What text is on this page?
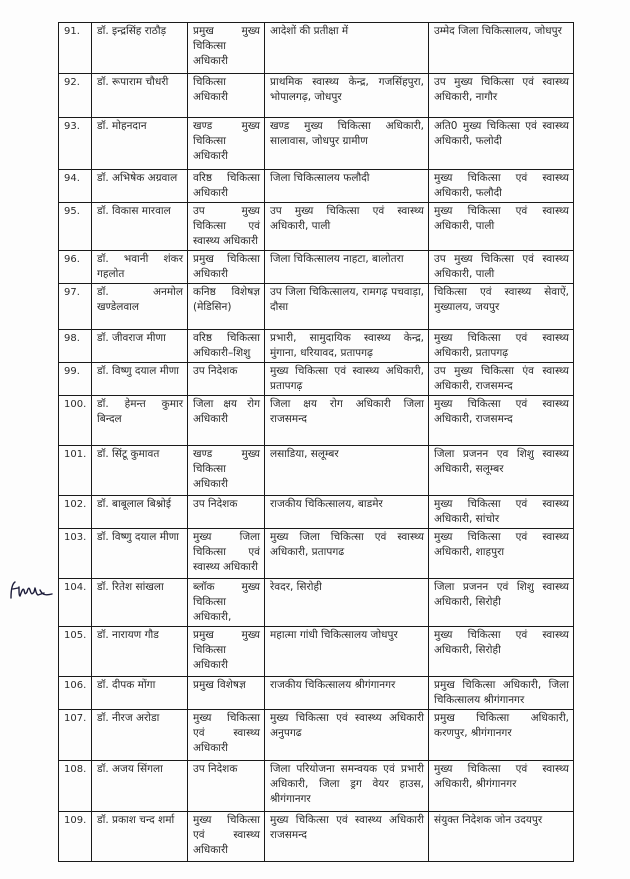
91.	डॉ. इन्द्रसिंह राठौड़	प्रमुख मुख्य चिकित्सा अधिकारी	आदेशों की प्रतीक्षा में	उम्मेद जिला चिकित्सालय, जोधपुर
92.	डॉ. रूपाराम चौधरी	चिकित्सा अधिकारी	प्राथमिक स्वास्थ्य केन्द्र, गजसिंहपुरा, भोपालगढ़, जोधपुर	उप मुख्य चिकित्सा एवं स्वास्थ्य अधिकारी, नागौर
93.	डॉ. मोहनदान	खण्ड मुख्य चिकित्सा अधिकारी	खण्ड मुख्य चिकित्सा अधिकारी, सालावास, जोधपुर ग्रामीण	अति0 मुख्य चिकित्सा एवं स्वास्थ्य अधिकारी, फलोदी
94.	डॉ. अभिषेक अग्रवाल	वरिष्ठ चिकित्सा अधिकारी	जिला चिकित्सालय फलौदी	मुख्य चिकित्सा एवं स्वास्थ्य अधिकारी, फलौदी
95.	डॉ. विकास मारवाल	उप मुख्य चिकित्सा एवं स्वास्थ्य अधिकारी	उप मुख्य चिकित्सा एवं स्वास्थ्य अधिकारी, पाली	मुख्य चिकित्सा एवं स्वास्थ्य अधिकारी, पाली
96.	डॉ. भवानी शंकर गहलोत	प्रमुख चिकित्सा अधिकारी	जिला चिकित्सालय नाहटा, बालोतरा	उप मुख्य चिकित्सा एवं स्वास्थ्य अधिकारी, पाली
97.	डॉ. अनमोल खण्डेलवाल	कनिष्ठ विशेषज्ञ (मेडिसिन)	उप जिला चिकित्सालय, रामगढ़ पचवाड़ा, दौसा	चिकित्सा एवं स्वास्थ्य सेवाऐं, मुख्यालय, जयपुर
98.	डॉ. जीवराज मीणा	वरिष्ठ चिकित्सा अधिकारी–शिशु	प्रभारी, सामुदायिक स्वास्थ्य केन्द्र, मुंगाना, धरियावद, प्रतापगढ़	मुख्य चिकित्सा एवं स्वास्थ्य अधिकारी, प्रतापगढ़
99.	डॉ. विष्णु दयाल मीणा	उप निदेशक	मुख्य चिकित्सा एवं स्वास्थ्य अधिकारी, प्रतापगढ़	उप मुख्य चिकित्सा एंव स्वास्थ्य अधिकारी, राजसमन्द
100.	डॉ. हेमन्त कुमार बिन्दल	जिला क्षय रोग अधिकारी	जिला क्षय रोग अधिकारी जिला राजसमन्द	मुख्य चिकित्सा एवं स्वास्थ्य अधिकारी, राजसमन्द
101.	डॉ. सिंटू कुमावत	खण्ड मुख्य चिकित्सा अधिकारी	लसाडिया, सलूम्बर	जिला प्रजनन एव शिशु स्वास्थ्य अधिकारी, सलूम्बर
102.	डॉ. बाबूलाल बिश्नोई	उप निदेशक	राजकीय चिकित्सालय, बाडमेर	मुख्य चिकित्सा एवं स्वास्थ्य अधिकारी, सांचोर
103.	डॉ. विष्णु दयाल मीणा	मुख्य जिला चिकित्सा एवं स्वास्थ्य अधिकारी	मुख्य जिला चिकित्सा एवं स्वास्थ्य अधिकारी, प्रतापगढ	मुख्य चिकित्सा एवं स्वास्थ्य अधिकारी, शाहपुरा
104.	डॉ. रितेश सांखला	ब्लॉक मुख्य चिकित्सा अधिकारी,	रेवदर, सिरोही	जिला प्रजनन एवं शिशु स्वास्थ्य अधिकारी, सिरोही
105.	डॉ. नारायण गौड	प्रमुख मुख्य चिकित्सा अधिकारी	महात्मा गांधी चिकित्सालय जोधपुर	मुख्य चिकित्सा एवं स्वास्थ्य अधिकारी, सिरोही
106.	डॉ. दीपक मोंगा	प्रमुख विशेषज्ञ	राजकीय चिकित्सालय श्रीगंगानगर	प्रमुख चिकित्सा अधिकारी, जिला चिकित्सालय श्रीगंगानगर
107.	डॉ. नीरज अरोडा	मुख्य चिकित्सा एवं स्वास्थ्य अधिकारी	मुख्य चिकित्सा एवं स्वास्थ्य अधिकारी अनुपगढ	प्रमुख चिकित्सा अधिकारी, करणपुर, श्रीगंगानगर
108.	डॉ. अजय सिंगला	उप निदेशक	जिला परियोजना समन्वयक एवं प्रभारी अधिकारी, जिला ड्रग वेयर हाउस, श्रीगंगानगर	मुख्य चिकित्सा एवं स्वास्थ्य अधिकारी, श्रीगंगानगर
109.	डॉ. प्रकाश चन्द शर्मा	मुख्य चिकित्सा एवं स्वास्थ्य अधिकारी	मुख्य चिकित्सा एवं स्वास्थ्य अधिकारी राजसमन्द	संयुक्त निदेशक जोन उदयपुर
